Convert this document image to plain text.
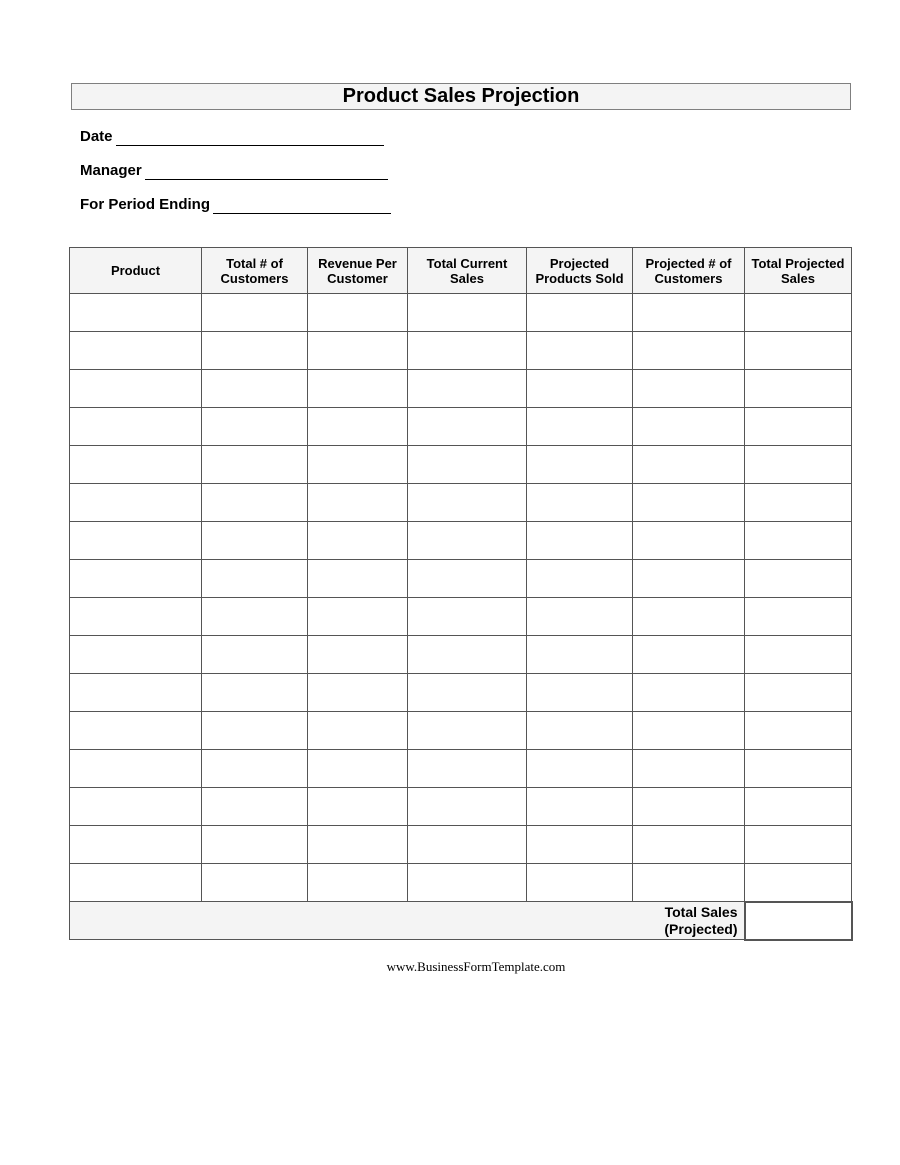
Product Sales Projection
Date
Manager
For Period Ending
Product	Total # of Customers	Revenue Per Customer	Total Current Sales	Projected Products Sold	Projected # of Customers	Total Projected Sales

Total Sales
(Projected)						

www.BusinessFormTemplate.com
